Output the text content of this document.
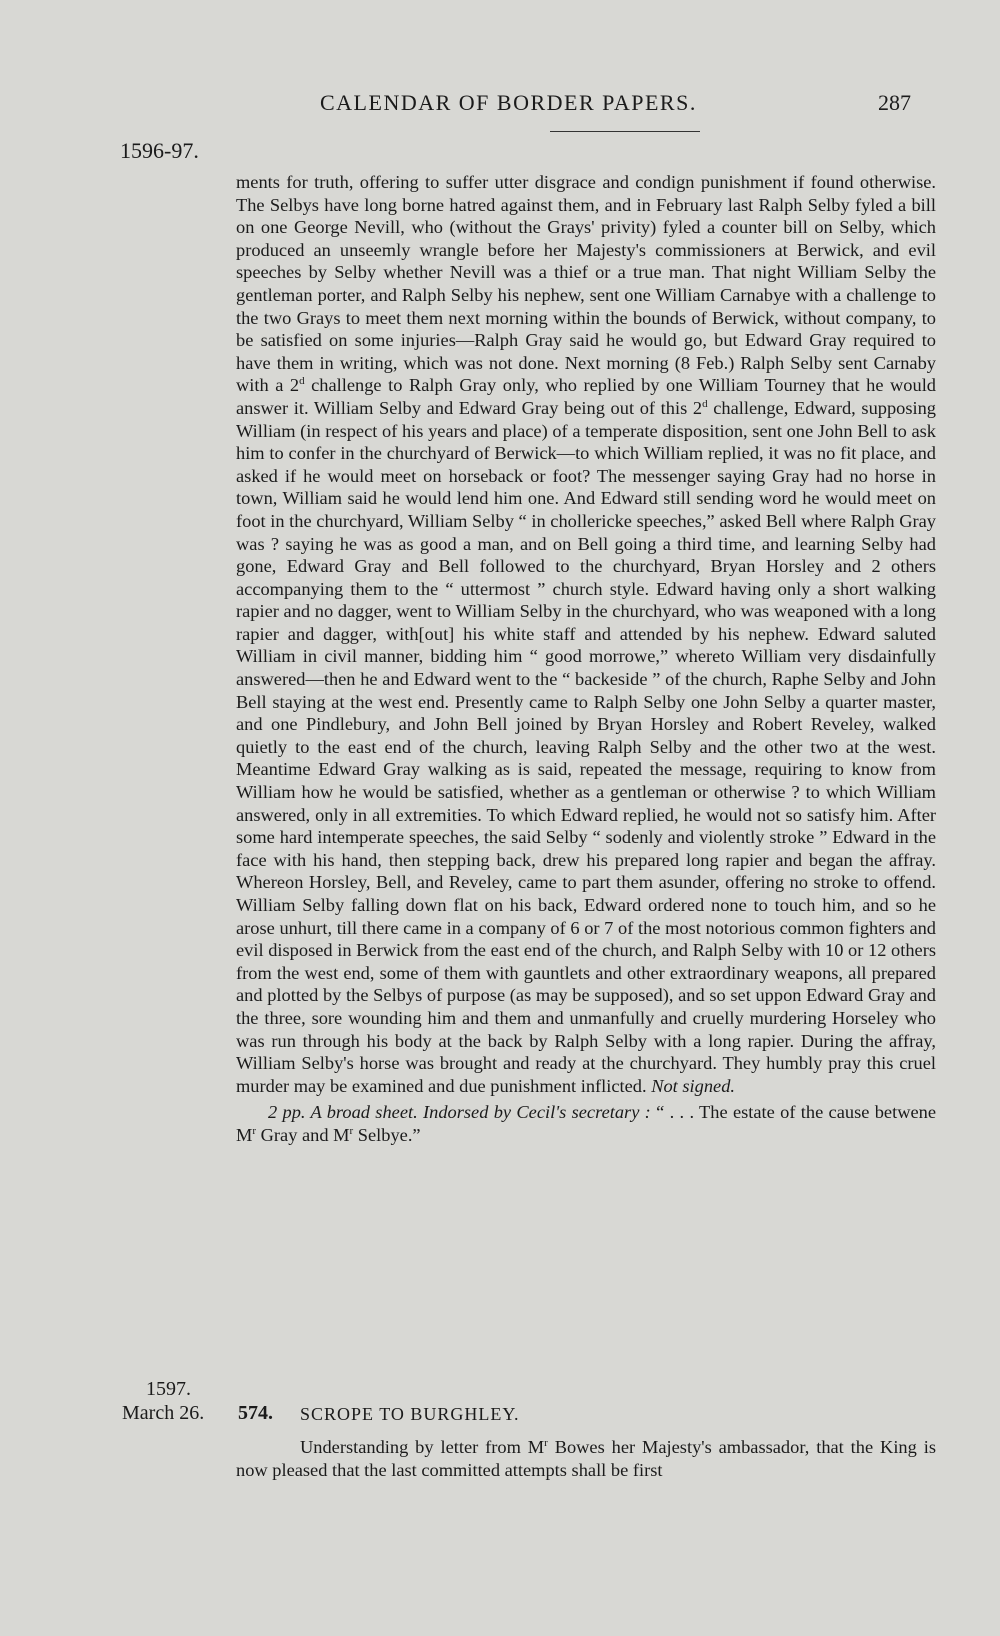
CALENDAR OF BORDER PAPERS.	287
1596-97.

ments for truth, offering to suffer utter disgrace and condign punishment if found otherwise. The Selbys have long borne hatred against them, and in February last Ralph Selby fyled a bill on one George Nevill, who (without the Grays' privity) fyled a counter bill on Selby, which produced an unseemly wrangle before her Majesty's commissioners at Berwick, and evil speeches by Selby whether Nevill was a thief or a true man. That night William Selby the gentleman porter, and Ralph Selby his nephew, sent one William Carnabye with a challenge to the two Grays to meet them next morning within the bounds of Berwick, without company, to be satisfied on some injuries—Ralph Gray said he would go, but Edward Gray required to have them in writing, which was not done. Next morning (8 Feb.) Ralph Selby sent Carnaby with a 2$^d$ challenge to Ralph Gray only, who replied by one William Tourney that he would answer it. William Selby and Edward Gray being out of this 2$^d$ challenge, Edward, supposing William (in respect of his years and place) of a temperate disposition, sent one John Bell to ask him to confer in the churchyard of Berwick—to which William replied, it was no fit place, and asked if he would meet on horseback or foot? The messenger saying Gray had no horse in town, William said he would lend him one. And Edward still sending word he would meet on foot in the churchyard, William Selby “ in chollericke speeches,” asked Bell where Ralph Gray was ? saying he was as good a man, and on Bell going a third time, and learning Selby had gone, Edward Gray and Bell followed to the churchyard, Bryan Horsley and 2 others accompanying them to the “ uttermost ” church style. Edward having only a short walking rapier and no dagger, went to William Selby in the churchyard, who was weaponed with a long rapier and dagger, with[out] his white staff and attended by his nephew. Edward saluted William in civil manner, bidding him “ good morrowe,” whereto William very disdainfully answered—then he and Edward went to the “ backeside ” of the church, Raphe Selby and John Bell staying at the west end. Presently came to Ralph Selby one John Selby a quarter master, and one Pindlebury, and John Bell joined by Bryan Horsley and Robert Reveley, walked quietly to the east end of the church, leaving Ralph Selby and the other two at the west. Meantime Edward Gray walking as is said, repeated the message, requiring to know from William how he would be satisfied, whether as a gentleman or otherwise ? to which William answered, only in all extremities. To which Edward replied, he would not so satisfy him. After some hard intemperate speeches, the said Selby “ sodenly and violently stroke ” Edward in the face with his hand, then stepping back, drew his prepared long rapier and began the affray. Whereon Horsley, Bell, and Reveley, came to part them asunder, offering no stroke to offend. William Selby falling down flat on his back, Edward ordered none to touch him, and so he arose unhurt, till there came in a company of 6 or 7 of the most notorious common fighters and evil disposed in Berwick from the east end of the church, and Ralph Selby with 10 or 12 others from the west end, some of them with gauntlets and other extraordinary weapons, all prepared and plotted by the Selbys of purpose (as may be supposed), and so set uppon Edward Gray and the three, sore wounding him and them and unmanfully and cruelly murdering Horseley who was run through his body at the back by Ralph Selby with a long rapier. During the affray, William Selby's horse was brought and ready at the churchyard. They humbly pray this cruel murder may be examined and due punishment inflicted. Not signed.

2 pp. A broad sheet. Indorsed by Cecil's secretary : “ . . . The estate of the cause betwene $M^r$ Gray and $M^r$ Selbye.”

1597.
March 26. 574. SCROPE TO BURGHLEY.

Understanding by letter from $M^r$ Bowes her Majesty's ambassador, that the King is now pleased that the last committed attempts shall be first
